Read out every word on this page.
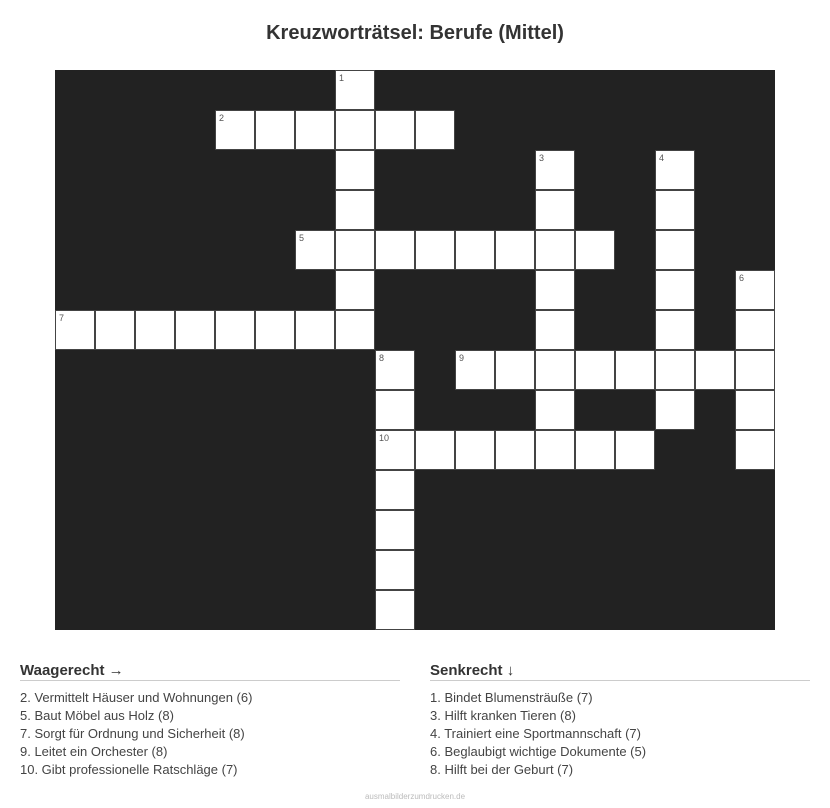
Kreuzworträtsel: Berufe (Mittel)
1
2
3	4
5
6
7
8	9
10
Waagerecht →
2. Vermittelt Häuser und Wohnungen (6)
5. Baut Möbel aus Holz (8)
7. Sorgt für Ordnung und Sicherheit (8)
9. Leitet ein Orchester (8)
10. Gibt professionelle Ratschläge (7)
Senkrecht ↓
1. Bindet Blumensträuße (7)
3. Hilft kranken Tieren (8)
4. Trainiert eine Sportmannschaft (7)
6. Beglaubigt wichtige Dokumente (5)
8. Hilft bei der Geburt (7)
ausmalbilderzumdrucken.de
